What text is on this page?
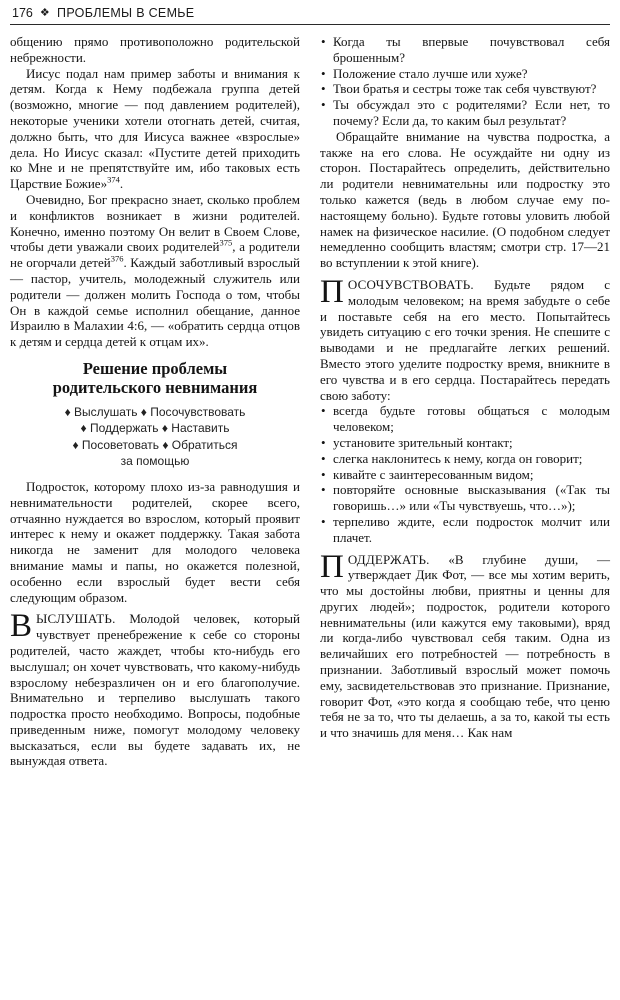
176 ❖ ПРОБЛЕМЫ В СЕМЬЕ

общению прямо противоположно родительской небрежности.

Иисус подал нам пример заботы и внимания к детям. Когда к Нему подбежала группа детей (возможно, многие — под давлением родителей), некоторые ученики хотели отогнать детей, считая, должно быть, что для Иисуса важнее «взрослые» дела. Но Иисус сказал: «Пустите детей приходить ко Мне и не препятствуйте им, ибо таковых есть Царствие Божие»$^{374}$.

Очевидно, Бог прекрасно знает, сколько проблем и конфликтов возникает в жизни родителей. Конечно, именно поэтому Он велит в Своем Слове, чтобы дети уважали своих родителей$^{375}$, а родители не огорчали детей$^{376}$. Каждый заботливый взрослый — пастор, учитель, молодежный служитель или родители — должен молить Господа о том, чтобы Он в каждой семье исполнил обещание, данное Израилю в Малахии 4:6, — «обратить сердца отцов к детям и сердца детей к отцам их».

Решение проблемы
родительского невнимания
♦ Выслушать ♦ Посочувствовать
♦ Поддержать ♦ Наставить
♦ Посоветовать ♦ Обратиться
за помощью

Подросток, которому плохо из-за равнодушия и невнимательности родителей, скорее всего, отчаянно нуждается во взрослом, который проявит интерес к нему и окажет поддержку. Такая забота никогда не заменит для молодого человека внимание мамы и папы, но окажется полезной, особенно если взрослый будет вести себя следующим образом.

ВЫСЛУШАТЬ. Молодой человек, который чувствует пренебрежение к себе со стороны родителей, часто жаждет, чтобы кто-нибудь его выслушал; он хочет чувствовать, что какому-нибудь взрослому небезразличен он и его благополучие. Внимательно и терпеливо выслушать такого подростка просто необходимо. Вопросы, подобные приведенным ниже, помогут молодому человеку высказаться, если вы будете задавать их, не вынуждая ответа.

• Когда ты впервые почувствовал себя брошенным?
• Положение стало лучше или хуже?
• Твои братья и сестры тоже так себя чувствуют?
• Ты обсуждал это с родителями? Если нет, то почему? Если да, то каким был результат?

Обращайте внимание на чувства подростка, а также на его слова. Не осуждайте ни одну из сторон. Постарайтесь определить, действительно ли родители невнимательны или подростку это только кажется (ведь в любом случае ему по-настоящему больно). Будьте готовы уловить любой намек на физическое насилие. (О подобном следует немедленно сообщить властям; смотри стр. 17—21 во вступлении к этой книге).

ПОСОЧУВСТВОВАТЬ. Будьте рядом с молодым человеком; на время забудьте о себе и поставьте себя на его место. Попытайтесь увидеть ситуацию с его точки зрения. Не спешите с выводами и не предлагайте легких решений. Вместо этого уделите подростку время, вникните в его чувства и в его сердца. Постарайтесь передать свою заботу:

• всегда будьте готовы общаться с молодым человеком;
• установите зрительный контакт;
• слегка наклонитесь к нему, когда он говорит;
• кивайте с заинтересованным видом;
• повторяйте основные высказывания («Так ты говоришь…» или «Ты чувствуешь, что…»);
• терпеливо ждите, если подросток молчит или плачет.

ПОДДЕРЖАТЬ. «В глубине души, — утверждает Дик Фот, — все мы хотим верить, что мы достойны любви, приятны и ценны для других людей»; подросток, родители которого невнимательны (или кажутся ему таковыми), вряд ли когда-либо чувствовал себя таким. Одна из величайших его потребностей — потребность в признании. Заботливый взрослый может помочь ему, засвидетельствовав это признание. Признание, говорит Фот, «это когда я сообщаю тебе, что ценю тебя не за то, что ты делаешь, а за то, какой ты есть и что значишь для меня… Как нам
